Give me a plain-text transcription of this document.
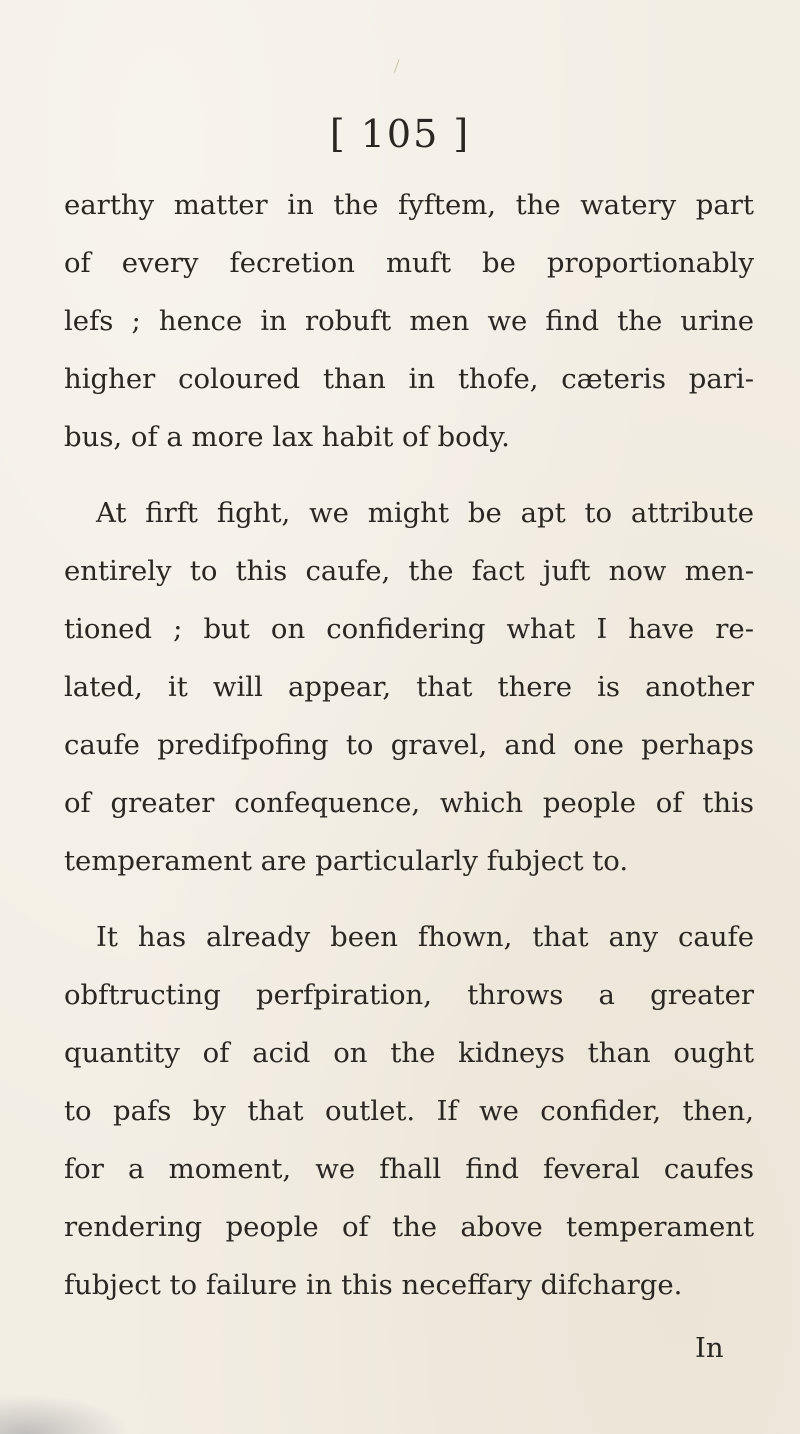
[ 105 ]
earthy matter in the fyftem, the watery part
of every fecretion muft be proportionably
lefs ; hence in robuft men we find the urine
higher coloured than in thofe, cæteris pari-
bus, of a more lax habit of body.
At firft fight, we might be apt to attribute
entirely to this caufe, the fact juft now men-
tioned ; but on confidering what I have re-
lated, it will appear, that there is another
caufe predifpofing to gravel, and one perhaps
of greater confequence, which people of this
temperament are particularly fubject to.
It has already been fhown, that any caufe
obftructing perfpiration, throws a greater
quantity of acid on the kidneys than ought
to pafs by that outlet. If we confider, then,
for a moment, we fhall find feveral caufes
rendering people of the above temperament
fubject to failure in this neceffary difcharge.
In
